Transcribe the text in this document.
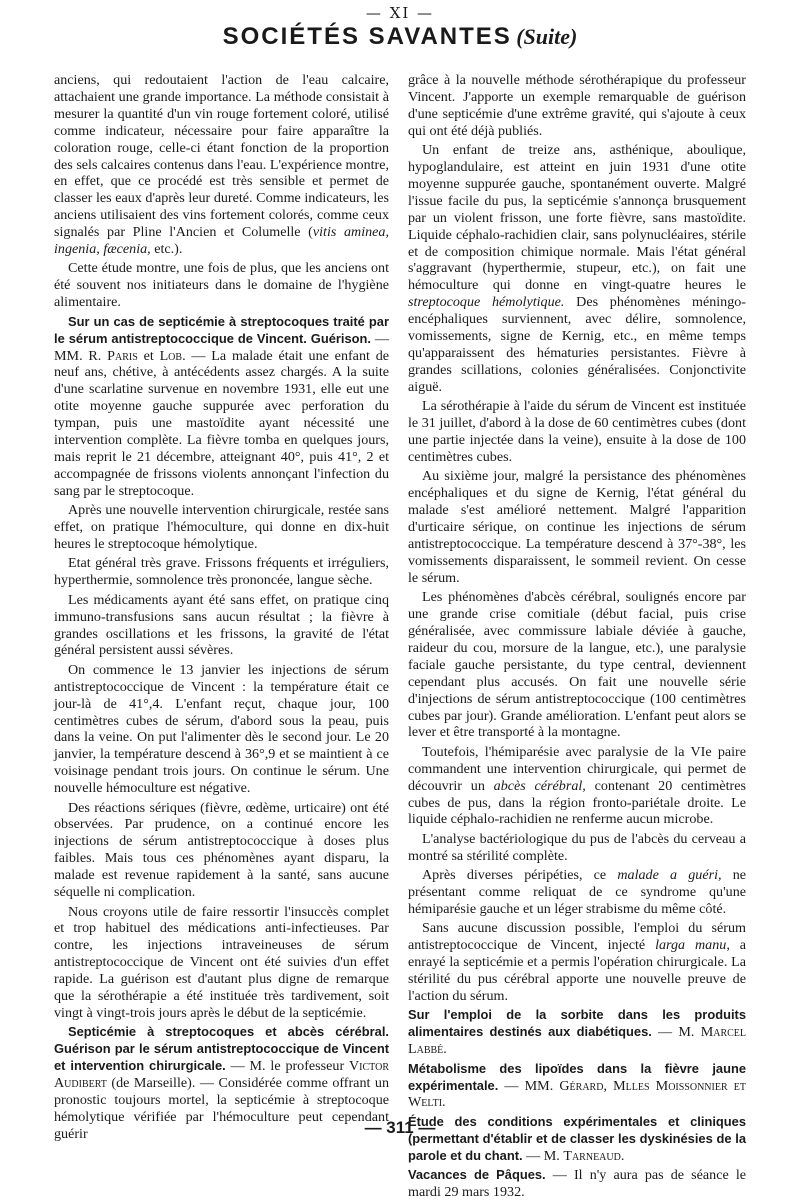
— XI —
SOCIÉTÉS SAVANTES (Suite)

anciens, qui redoutaient l'action de l'eau calcaire, attachaient une grande importance. La méthode consistait à mesurer la quantité d'un vin rouge fortement coloré, utilisé comme indicateur, nécessaire pour faire apparaître la coloration rouge, celle-ci étant fonction de la proportion des sels calcaires contenus dans l'eau. L'expérience montre, en effet, que ce procédé est très sensible et permet de classer les eaux d'après leur dureté. Comme indicateurs, les anciens utilisaient des vins fortement colorés, comme ceux signalés par Pline l'Ancien et Columelle (vitis aminea, ingenia, fæcenia, etc.).

Cette étude montre, une fois de plus, que les anciens ont été souvent nos initiateurs dans le domaine de l'hygiène alimentaire.

Sur un cas de septicémie à streptocoques traité par le sérum antistreptococcique de Vincent. Guérison. — MM. R. Paris et Lob. — La malade était une enfant de neuf ans, chétive, à antécédents assez chargés. A la suite d'une scarlatine survenue en novembre 1931, elle eut une otite moyenne gauche suppurée avec perforation du tympan, puis une mastoïdite ayant nécessité une intervention complète. La fièvre tomba en quelques jours, mais reprit le 21 décembre, atteignant 40°, puis 41°, 2 et accompagnée de frissons violents annonçant l'infection du sang par le streptocoque.

Après une nouvelle intervention chirurgicale, restée sans effet, on pratique l'hémoculture, qui donne en dix-huit heures le streptocoque hémolytique.

Etat général très grave. Frissons fréquents et irréguliers, hyperthermie, somnolence très prononcée, langue sèche.

Les médicaments ayant été sans effet, on pratique cinq immuno-transfusions sans aucun résultat ; la fièvre à grandes oscillations et les frissons, la gravité de l'état général persistent aussi sévères.

On commence le 13 janvier les injections de sérum antistreptococcique de Vincent : la température était ce jour-là de 41°,4. L'enfant reçut, chaque jour, 100 centimètres cubes de sérum, d'abord sous la peau, puis dans la veine. On put l'alimenter dès le second jour. Le 20 janvier, la température descend à 36°,9 et se maintient à ce voisinage pendant trois jours. On continue le sérum. Une nouvelle hémoculture est négative.

Des réactions sériques (fièvre, œdème, urticaire) ont été observées. Par prudence, on a continué encore les injections de sérum antistreptococcique à doses plus faibles. Mais tous ces phénomènes ayant disparu, la malade est revenue rapidement à la santé, sans aucune séquelle ni complication.

Nous croyons utile de faire ressortir l'insuccès complet et trop habituel des médications anti-infectieuses. Par contre, les injections intraveineuses de sérum antistreptococcique de Vincent ont été suivies d'un effet rapide. La guérison est d'autant plus digne de remarque que la sérothérapie a été instituée très tardivement, soit vingt à vingt-trois jours après le début de la septicémie.

Septicémie à streptocoques et abcès cérébral. Guérison par le sérum antistreptococcique de Vincent et intervention chirurgicale. — M. le professeur Victor Audibert (de Marseille). — Considérée comme offrant un pronostic toujours mortel, la septicémie à streptocoque hémolytique vérifiée par l'hémoculture peut cependant guérir

grâce à la nouvelle méthode sérothérapique du professeur Vincent. J'apporte un exemple remarquable de guérison d'une septicémie d'une extrême gravité, qui s'ajoute à ceux qui ont été déjà publiés.

Un enfant de treize ans, asthénique, aboulique, hypoglandulaire, est atteint en juin 1931 d'une otite moyenne suppurée gauche, spontanément ouverte. Malgré l'issue facile du pus, la septicémie s'annonça brusquement par un violent frisson, une forte fièvre, sans mastoïdite. Liquide céphalo-rachidien clair, sans polynucléaires, stérile et de composition chimique normale. Mais l'état général s'aggravant (hyperthermie, stupeur, etc.), on fait une hémoculture qui donne en vingt-quatre heures le streptocoque hémolytique. Des phénomènes méningo-encéphaliques surviennent, avec délire, somnolence, vomissements, signe de Kernig, etc., en même temps qu'apparaissent des hématuries persistantes. Fièvre à grandes scillations, colonies généralisées. Conjonctivite aiguë.

La sérothérapie à l'aide du sérum de Vincent est instituée le 31 juillet, d'abord à la dose de 60 centimètres cubes (dont une partie injectée dans la veine), ensuite à la dose de 100 centimètres cubes.

Au sixième jour, malgré la persistance des phénomènes encéphaliques et du signe de Kernig, l'état général du malade s'est amélioré nettement. Malgré l'apparition d'urticaire sérique, on continue les injections de sérum antistreptococcique. La température descend à 37°-38°, les vomissements disparaissent, le sommeil revient. On cesse le sérum.

Les phénomènes d'abcès cérébral, soulignés encore par une grande crise comitiale (début facial, puis crise généralisée, avec commissure labiale déviée à gauche, raideur du cou, morsure de la langue, etc.), une paralysie faciale gauche persistante, du type central, deviennent cependant plus accusés. On fait une nouvelle série d'injections de sérum antistreptococcique (100 centimètres cubes par jour). Grande amélioration. L'enfant peut alors se lever et être transporté à la montagne.

Toutefois, l'hémiparésie avec paralysie de la VIe paire commandent une intervention chirurgicale, qui permet de découvrir un abcès cérébral, contenant 20 centimètres cubes de pus, dans la région fronto-pariétale droite. Le liquide céphalo-rachidien ne renferme aucun microbe.

L'analyse bactériologique du pus de l'abcès du cerveau a montré sa stérilité complète.

Après diverses péripéties, ce malade a guéri, ne présentant comme reliquat de ce syndrome qu'une hémiparésie gauche et un léger strabisme du même côté.

Sans aucune discussion possible, l'emploi du sérum antistreptococcique de Vincent, injecté larga manu, a enrayé la septicémie et a permis l'opération chirurgicale. La stérilité du pus cérébral apporte une nouvelle preuve de l'action du sérum.

Sur l'emploi de la sorbite dans les produits alimentaires destinés aux diabétiques. — M. Marcel Labbé.

Métabolisme des lipoïdes dans la fièvre jaune expérimentale. — MM. Gérard, Mlles Moissonnier et Welti.

Étude des conditions expérimentales et cliniques (permettant d'établir et de classer les dyskinésies de la parole et du chant. — M. Tarneaud.

Vacances de Pâques. — Il n'y aura pas de séance le mardi 29 mars 1932.

— 311 —
